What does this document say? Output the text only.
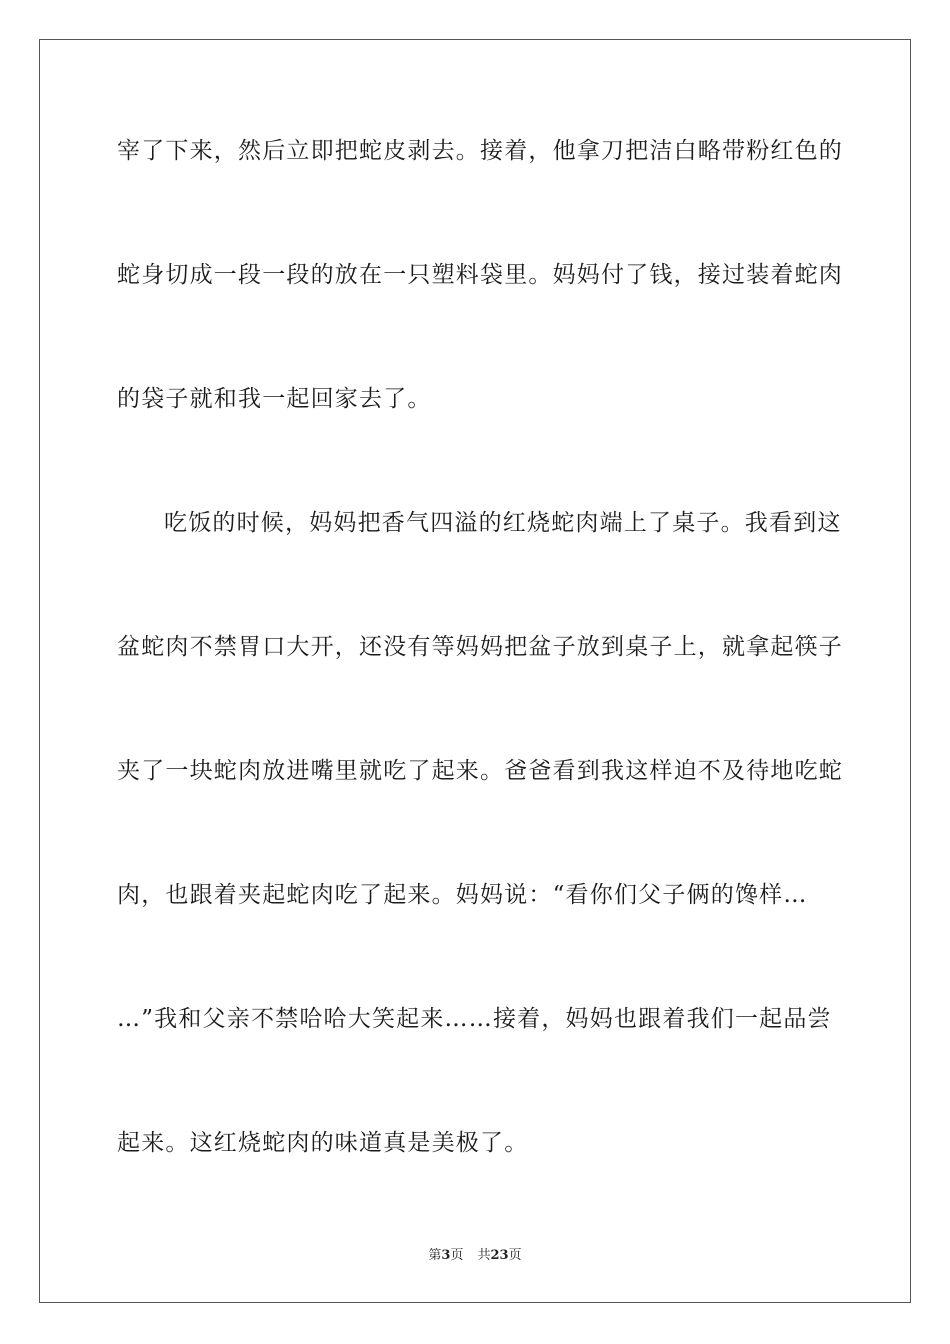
宰了下来，然后立即把蛇皮剥去。接着，他拿刀把洁白略带粉红色的
蛇身切成一段一段的放在一只塑料袋里。妈妈付了钱，接过装着蛇肉
的袋子就和我一起回家去了。
吃饭的时候，妈妈把香气四溢的红烧蛇肉端上了桌子。我看到这
盆蛇肉不禁胃口大开，还没有等妈妈把盆子放到桌子上，就拿起筷子
夹了一块蛇肉放进嘴里就吃了起来。爸爸看到我这样迫不及待地吃蛇
肉，也跟着夹起蛇肉吃了起来。妈妈说：“看你们父子俩的馋样…
…”我和父亲不禁哈哈大笑起来……接着，妈妈也跟着我们一起品尝
起来。这红烧蛇肉的味道真是美极了。
第3页 共23页
